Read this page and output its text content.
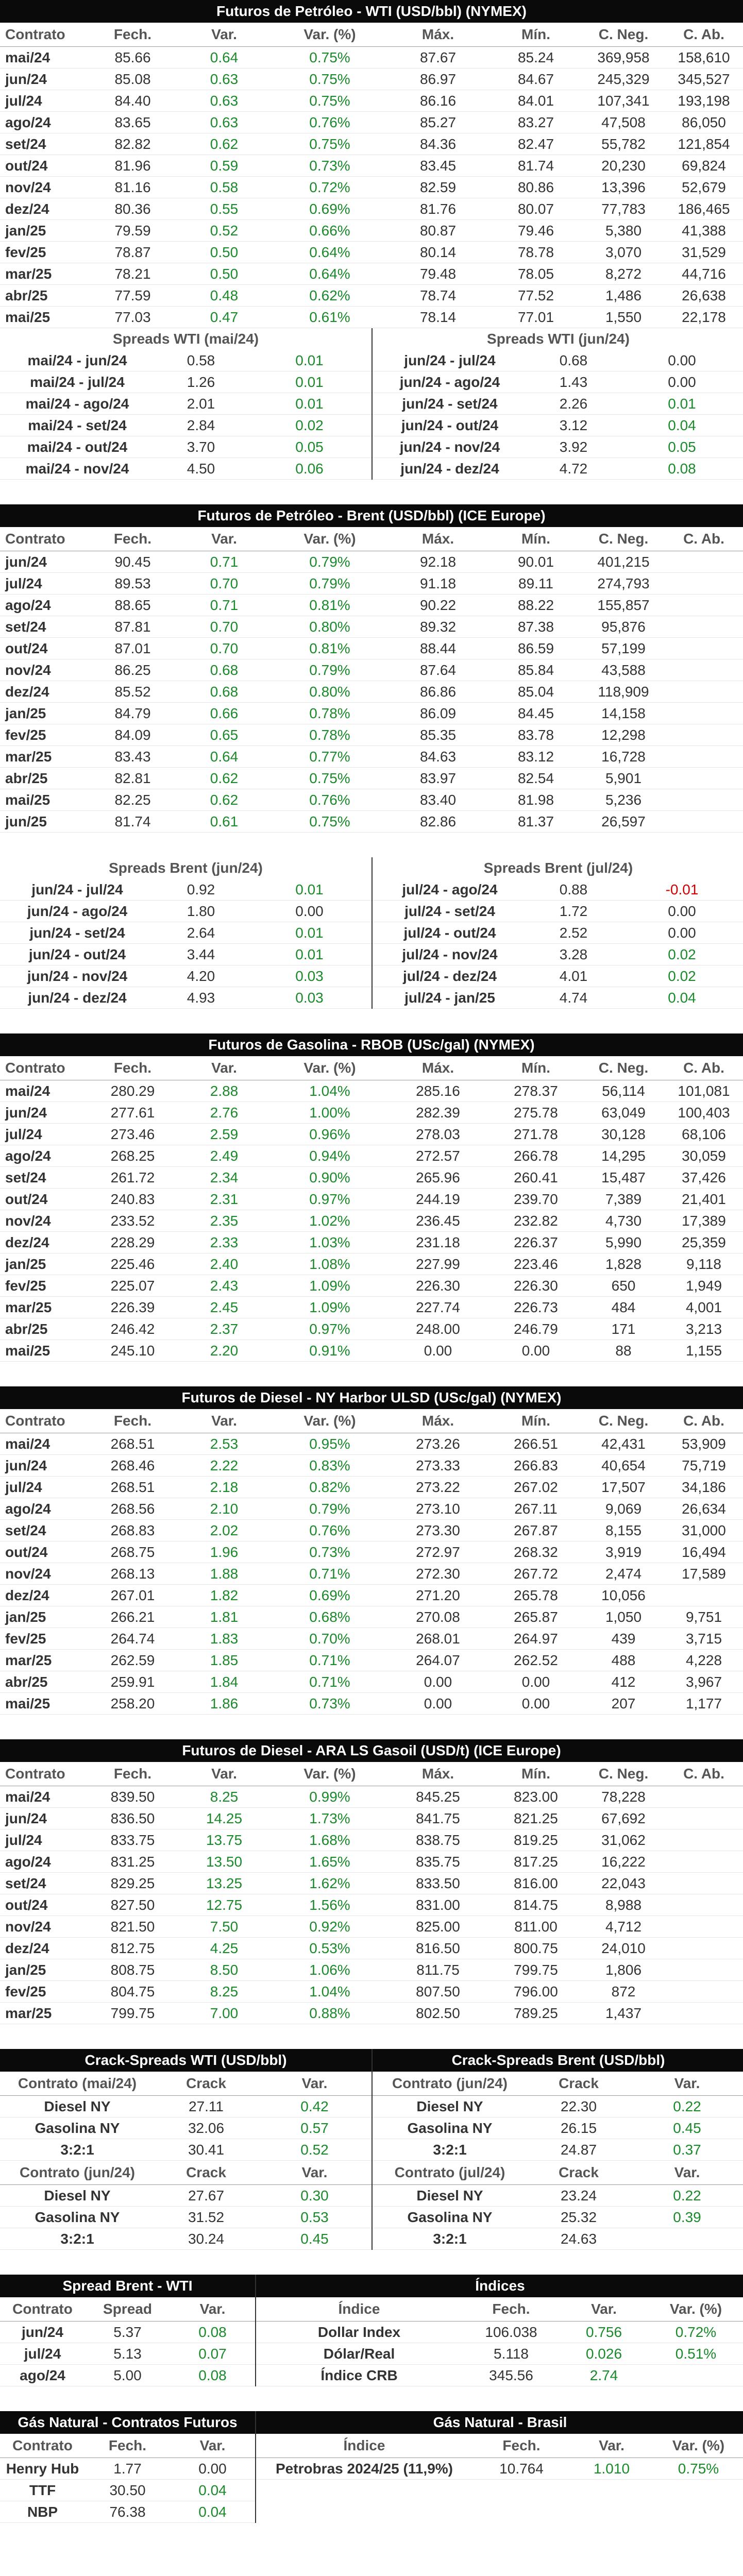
Futuros de Petróleo - WTI (USD/bbl) (NYMEX)
Contrato	Fech.	Var.	Var. (%)	Máx.	Mín.	C. Neg.	C. Ab.
mai/24	85.66	0.64	0.75%	87.67	85.24	369,958	158,610
jun/24	85.08	0.63	0.75%	86.97	84.67	245,329	345,527
jul/24	84.40	0.63	0.75%	86.16	84.01	107,341	193,198
ago/24	83.65	0.63	0.76%	85.27	83.27	47,508	86,050
set/24	82.82	0.62	0.75%	84.36	82.47	55,782	121,854
out/24	81.96	0.59	0.73%	83.45	81.74	20,230	69,824
nov/24	81.16	0.58	0.72%	82.59	80.86	13,396	52,679
dez/24	80.36	0.55	0.69%	81.76	80.07	77,783	186,465
jan/25	79.59	0.52	0.66%	80.87	79.46	5,380	41,388
fev/25	78.87	0.50	0.64%	80.14	78.78	3,070	31,529
mar/25	78.21	0.50	0.64%	79.48	78.05	8,272	44,716
abr/25	77.59	0.48	0.62%	78.74	77.52	1,486	26,638
mai/25	77.03	0.47	0.61%	78.14	77.01	1,550	22,178
Spreads WTI (mai/24)
mai/24 - jun/24	0.58	0.01
mai/24 - jul/24	1.26	0.01
mai/24 - ago/24	2.01	0.01
mai/24 - set/24	2.84	0.02
mai/24 - out/24	3.70	0.05
mai/24 - nov/24	4.50	0.06
Spreads WTI (jun/24)
jun/24 - jul/24	0.68	0.00
jun/24 - ago/24	1.43	0.00
jun/24 - set/24	2.26	0.01
jun/24 - out/24	3.12	0.04
jun/24 - nov/24	3.92	0.05
jun/24 - dez/24	4.72	0.08
Futuros de Petróleo - Brent (USD/bbl) (ICE Europe)
Contrato	Fech.	Var.	Var. (%)	Máx.	Mín.	C. Neg.	C. Ab.
jun/24	90.45	0.71	0.79%	92.18	90.01	401,215	
jul/24	89.53	0.70	0.79%	91.18	89.11	274,793	
ago/24	88.65	0.71	0.81%	90.22	88.22	155,857	
set/24	87.81	0.70	0.80%	89.32	87.38	95,876	
out/24	87.01	0.70	0.81%	88.44	86.59	57,199	
nov/24	86.25	0.68	0.79%	87.64	85.84	43,588	
dez/24	85.52	0.68	0.80%	86.86	85.04	118,909	
jan/25	84.79	0.66	0.78%	86.09	84.45	14,158	
fev/25	84.09	0.65	0.78%	85.35	83.78	12,298	
mar/25	83.43	0.64	0.77%	84.63	83.12	16,728	
abr/25	82.81	0.62	0.75%	83.97	82.54	5,901	
mai/25	82.25	0.62	0.76%	83.40	81.98	5,236	
jun/25	81.74	0.61	0.75%	82.86	81.37	26,597	
Spreads Brent (jun/24)
jun/24 - jul/24	0.92	0.01
jun/24 - ago/24	1.80	0.00
jun/24 - set/24	2.64	0.01
jun/24 - out/24	3.44	0.01
jun/24 - nov/24	4.20	0.03
jun/24 - dez/24	4.93	0.03
Spreads Brent (jul/24)
jul/24 - ago/24	0.88	-0.01
jul/24 - set/24	1.72	0.00
jul/24 - out/24	2.52	0.00
jul/24 - nov/24	3.28	0.02
jul/24 - dez/24	4.01	0.02
jul/24 - jan/25	4.74	0.04
Futuros de Gasolina - RBOB (USc/gal) (NYMEX)
Contrato	Fech.	Var.	Var. (%)	Máx.	Mín.	C. Neg.	C. Ab.
mai/24	280.29	2.88	1.04%	285.16	278.37	56,114	101,081
jun/24	277.61	2.76	1.00%	282.39	275.78	63,049	100,403
jul/24	273.46	2.59	0.96%	278.03	271.78	30,128	68,106
ago/24	268.25	2.49	0.94%	272.57	266.78	14,295	30,059
set/24	261.72	2.34	0.90%	265.96	260.41	15,487	37,426
out/24	240.83	2.31	0.97%	244.19	239.70	7,389	21,401
nov/24	233.52	2.35	1.02%	236.45	232.82	4,730	17,389
dez/24	228.29	2.33	1.03%	231.18	226.37	5,990	25,359
jan/25	225.46	2.40	1.08%	227.99	223.46	1,828	9,118
fev/25	225.07	2.43	1.09%	226.30	226.30	650	1,949
mar/25	226.39	2.45	1.09%	227.74	226.73	484	4,001
abr/25	246.42	2.37	0.97%	248.00	246.79	171	3,213
mai/25	245.10	2.20	0.91%	0.00	0.00	88	1,155
Futuros de Diesel - NY Harbor ULSD (USc/gal) (NYMEX)
Contrato	Fech.	Var.	Var. (%)	Máx.	Mín.	C. Neg.	C. Ab.
mai/24	268.51	2.53	0.95%	273.26	266.51	42,431	53,909
jun/24	268.46	2.22	0.83%	273.33	266.83	40,654	75,719
jul/24	268.51	2.18	0.82%	273.22	267.02	17,507	34,186
ago/24	268.56	2.10	0.79%	273.10	267.11	9,069	26,634
set/24	268.83	2.02	0.76%	273.30	267.87	8,155	31,000
out/24	268.75	1.96	0.73%	272.97	268.32	3,919	16,494
nov/24	268.13	1.88	0.71%	272.30	267.72	2,474	17,589
dez/24	267.01	1.82	0.69%	271.20	265.78	10,056	
jan/25	266.21	1.81	0.68%	270.08	265.87	1,050	9,751
fev/25	264.74	1.83	0.70%	268.01	264.97	439	3,715
mar/25	262.59	1.85	0.71%	264.07	262.52	488	4,228
abr/25	259.91	1.84	0.71%	0.00	0.00	412	3,967
mai/25	258.20	1.86	0.73%	0.00	0.00	207	1,177
Futuros de Diesel - ARA LS Gasoil (USD/t) (ICE Europe)
Contrato	Fech.	Var.	Var. (%)	Máx.	Mín.	C. Neg.	C. Ab.
mai/24	839.50	8.25	0.99%	845.25	823.00	78,228	
jun/24	836.50	14.25	1.73%	841.75	821.25	67,692	
jul/24	833.75	13.75	1.68%	838.75	819.25	31,062	
ago/24	831.25	13.50	1.65%	835.75	817.25	16,222	
set/24	829.25	13.25	1.62%	833.50	816.00	22,043	
out/24	827.50	12.75	1.56%	831.00	814.75	8,988	
nov/24	821.50	7.50	0.92%	825.00	811.00	4,712	
dez/24	812.75	4.25	0.53%	816.50	800.75	24,010	
jan/25	808.75	8.50	1.06%	811.75	799.75	1,806	
fev/25	804.75	8.25	1.04%	807.50	796.00	872	
mar/25	799.75	7.00	0.88%	802.50	789.25	1,437	
Crack-Spreads WTI (USD/bbl)
Contrato (mai/24)	Crack	Var.
Diesel NY	27.11	0.42
Gasolina NY	32.06	0.57
3:2:1	30.41	0.52
Contrato (jun/24)	Crack	Var.
Diesel NY	27.67	0.30
Gasolina NY	31.52	0.53
3:2:1	30.24	0.45
Crack-Spreads Brent (USD/bbl)
Contrato (jun/24)	Crack	Var.
Diesel NY	22.30	0.22
Gasolina NY	26.15	0.45
3:2:1	24.87	0.37
Contrato (jul/24)	Crack	Var.
Diesel NY	23.24	0.22
Gasolina NY	25.32	0.39
3:2:1	24.63	
Spread Brent - WTI
Contrato	Spread	Var.
jun/24	5.37	0.08
jul/24	5.13	0.07
ago/24	5.00	0.08
Índices
Índice	Fech.	Var.	Var. (%)
Dollar Index	106.038	0.756	0.72%
Dólar/Real	5.118	0.026	0.51%
Índice CRB	345.56	2.74	
Gás Natural - Contratos Futuros
Contrato	Fech.	Var.
Henry Hub	1.77	0.00
TTF	30.50	0.04
NBP	76.38	0.04
Gás Natural - Brasil
Índice	Fech.	Var.	Var. (%)
Petrobras 2024/25 (11,9%)	10.764	1.010	0.75%
